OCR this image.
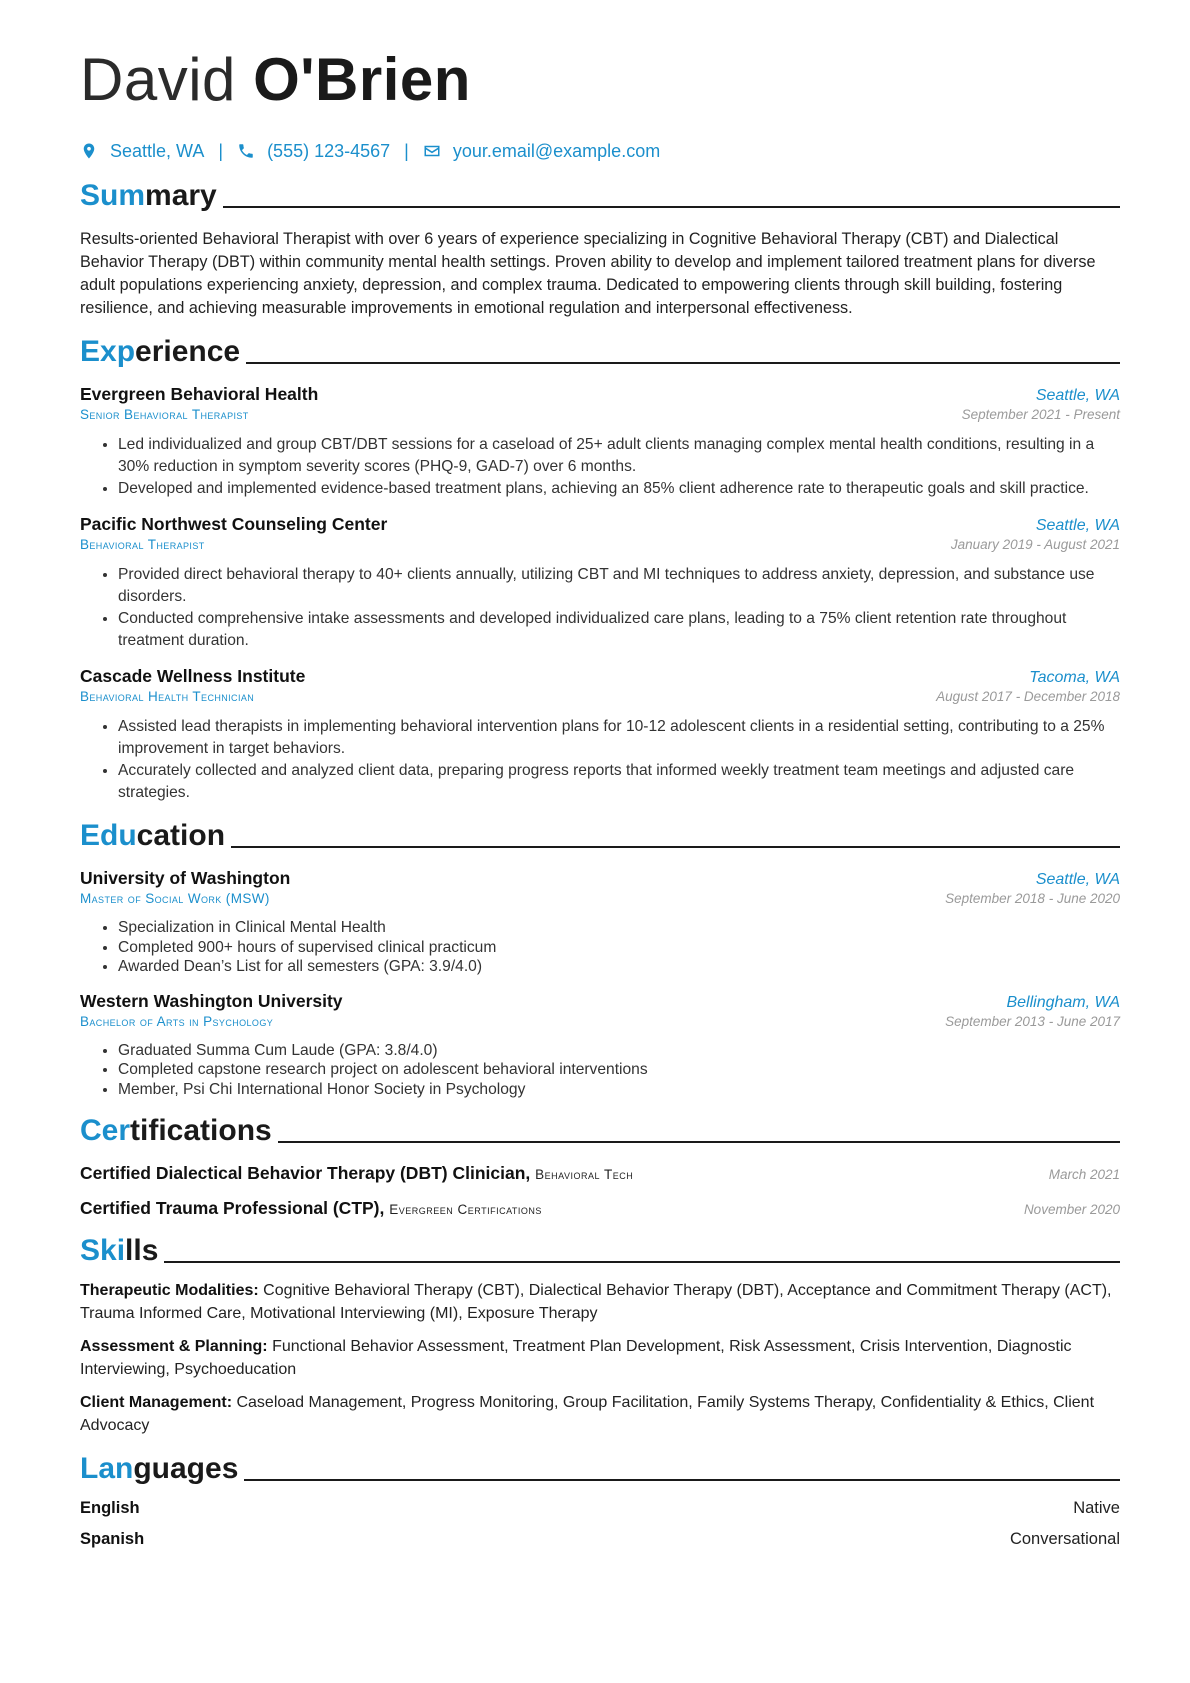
David O'Brien
Seattle, WA | (555) 123-4567 | your.email@example.com
Summary

Results-oriented Behavioral Therapist with over 6 years of experience specializing in Cognitive Behavioral Therapy (CBT) and Dialectical Behavior Therapy (DBT) within community mental health settings. Proven ability to develop and implement tailored treatment plans for diverse adult populations experiencing anxiety, depression, and complex trauma. Dedicated to empowering clients through skill building, fostering resilience, and achieving measurable improvements in emotional regulation and interpersonal effectiveness.

Experience
Evergreen Behavioral Health	Seattle, WA
Senior Behavioral Therapist	September 2021 - Present
• Led individualized and group CBT/DBT sessions for a caseload of 25+ adult clients managing complex mental health conditions, resulting in a 30% reduction in symptom severity scores (PHQ-9, GAD-7) over 6 months.
• Developed and implemented evidence-based treatment plans, achieving an 85% client adherence rate to therapeutic goals and skill practice.
Pacific Northwest Counseling Center	Seattle, WA
Behavioral Therapist	January 2019 - August 2021
• Provided direct behavioral therapy to 40+ clients annually, utilizing CBT and MI techniques to address anxiety, depression, and substance use disorders.
• Conducted comprehensive intake assessments and developed individualized care plans, leading to a 75% client retention rate throughout treatment duration.
Cascade Wellness Institute	Tacoma, WA
Behavioral Health Technician	August 2017 - December 2018
• Assisted lead therapists in implementing behavioral intervention plans for 10-12 adolescent clients in a residential setting, contributing to a 25% improvement in target behaviors.
• Accurately collected and analyzed client data, preparing progress reports that informed weekly treatment team meetings and adjusted care strategies.
Education
University of Washington	Seattle, WA
Master of Social Work (MSW)	September 2018 - June 2020
• Specialization in Clinical Mental Health
• Completed 900+ hours of supervised clinical practicum
• Awarded Dean’s List for all semesters (GPA: 3.9/4.0)
Western Washington University	Bellingham, WA
Bachelor of Arts in Psychology	September 2013 - June 2017
• Graduated Summa Cum Laude (GPA: 3.8/4.0)
• Completed capstone research project on adolescent behavioral interventions
• Member, Psi Chi International Honor Society in Psychology
Certifications
Certified Dialectical Behavior Therapy (DBT) Clinician, Behavioral Tech	March 2021
Certified Trauma Professional (CTP), Evergreen Certifications	November 2020
Skills
Therapeutic Modalities: Cognitive Behavioral Therapy (CBT), Dialectical Behavior Therapy (DBT), Acceptance and Commitment Therapy (ACT), Trauma Informed Care, Motivational Interviewing (MI), Exposure Therapy
Assessment & Planning: Functional Behavior Assessment, Treatment Plan Development, Risk Assessment, Crisis Intervention, Diagnostic Interviewing, Psychoeducation
Client Management: Caseload Management, Progress Monitoring, Group Facilitation, Family Systems Therapy, Confidentiality & Ethics, Client Advocacy
Languages
English	Native
Spanish	Conversational
